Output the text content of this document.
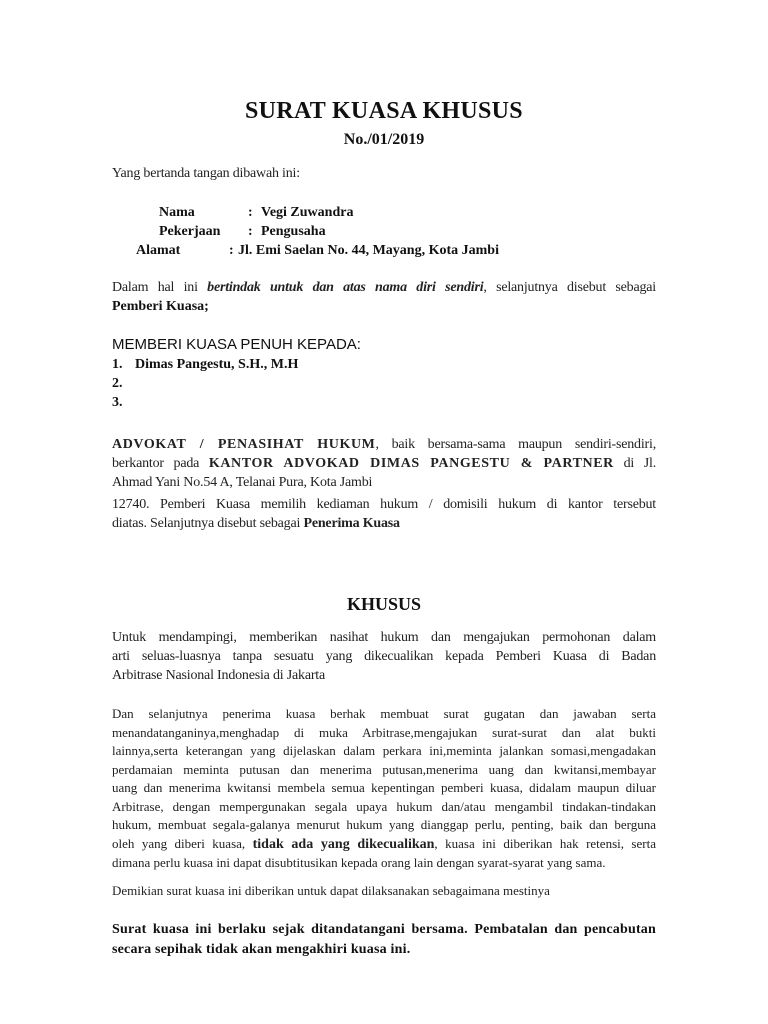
SURAT KUASA KHUSUS
No./01/2019
Yang bertanda tangan dibawah ini:
Nama	: Vegi Zuwandra
Pekerjaan : Pengusaha
Alamat	: Jl. Emi Saelan No. 44, Mayang, Kota Jambi
Dalam hal ini bertindak untuk dan atas nama diri sendiri, selanjutnya disebut sebagai
Pemberi Kuasa;
MEMBERI KUASA PENUH KEPADA:
1. Dimas Pangestu, S.H., M.H
2.
3.
ADVOKAT / PENASIHAT HUKUM, baik bersama-sama maupun sendiri-sendiri,
berkantor pada KANTOR ADVOKAD DIMAS PANGESTU & PARTNER di Jl.
Ahmad Yani No.54 A, Telanai Pura, Kota Jambi
12740. Pemberi Kuasa memilih kediaman hukum / domisili hukum di kantor tersebut
diatas. Selanjutnya disebut sebagai Penerima Kuasa
KHUSUS
Untuk mendampingi, memberikan nasihat hukum dan mengajukan permohonan dalam
arti seluas-luasnya tanpa sesuatu yang dikecualikan kepada Pemberi Kuasa di Badan
Arbitrase Nasional Indonesia di Jakarta
Dan selanjutnya penerima kuasa berhak membuat surat gugatan dan jawaban serta
menandatanganinya,menghadap di muka Arbitrase,mengajukan surat-surat dan alat bukti
lainnya,serta keterangan yang dijelaskan dalam perkara ini,meminta jalankan somasi,mengadakan
perdamaian meminta putusan dan menerima putusan,menerima uang dan kwitansi,membayar
uang dan menerima kwitansi membela semua kepentingan pemberi kuasa, didalam maupun diluar
Arbitrase, dengan mempergunakan segala upaya hukum dan/atau mengambil tindakan-tindakan
hukum, membuat segala-galanya menurut hukum yang dianggap perlu, penting, baik dan berguna
oleh yang diberi kuasa, tidak ada yang dikecualikan, kuasa ini diberikan hak retensi, serta
dimana perlu kuasa ini dapat disubtitusikan kepada orang lain dengan syarat-syarat yang sama.
Demikian surat kuasa ini diberikan untuk dapat dilaksanakan sebagaimana mestinya
Surat kuasa ini berlaku sejak ditandatangani bersama. Pembatalan dan pencabutan
secara sepihak tidak akan mengakhiri kuasa ini.
